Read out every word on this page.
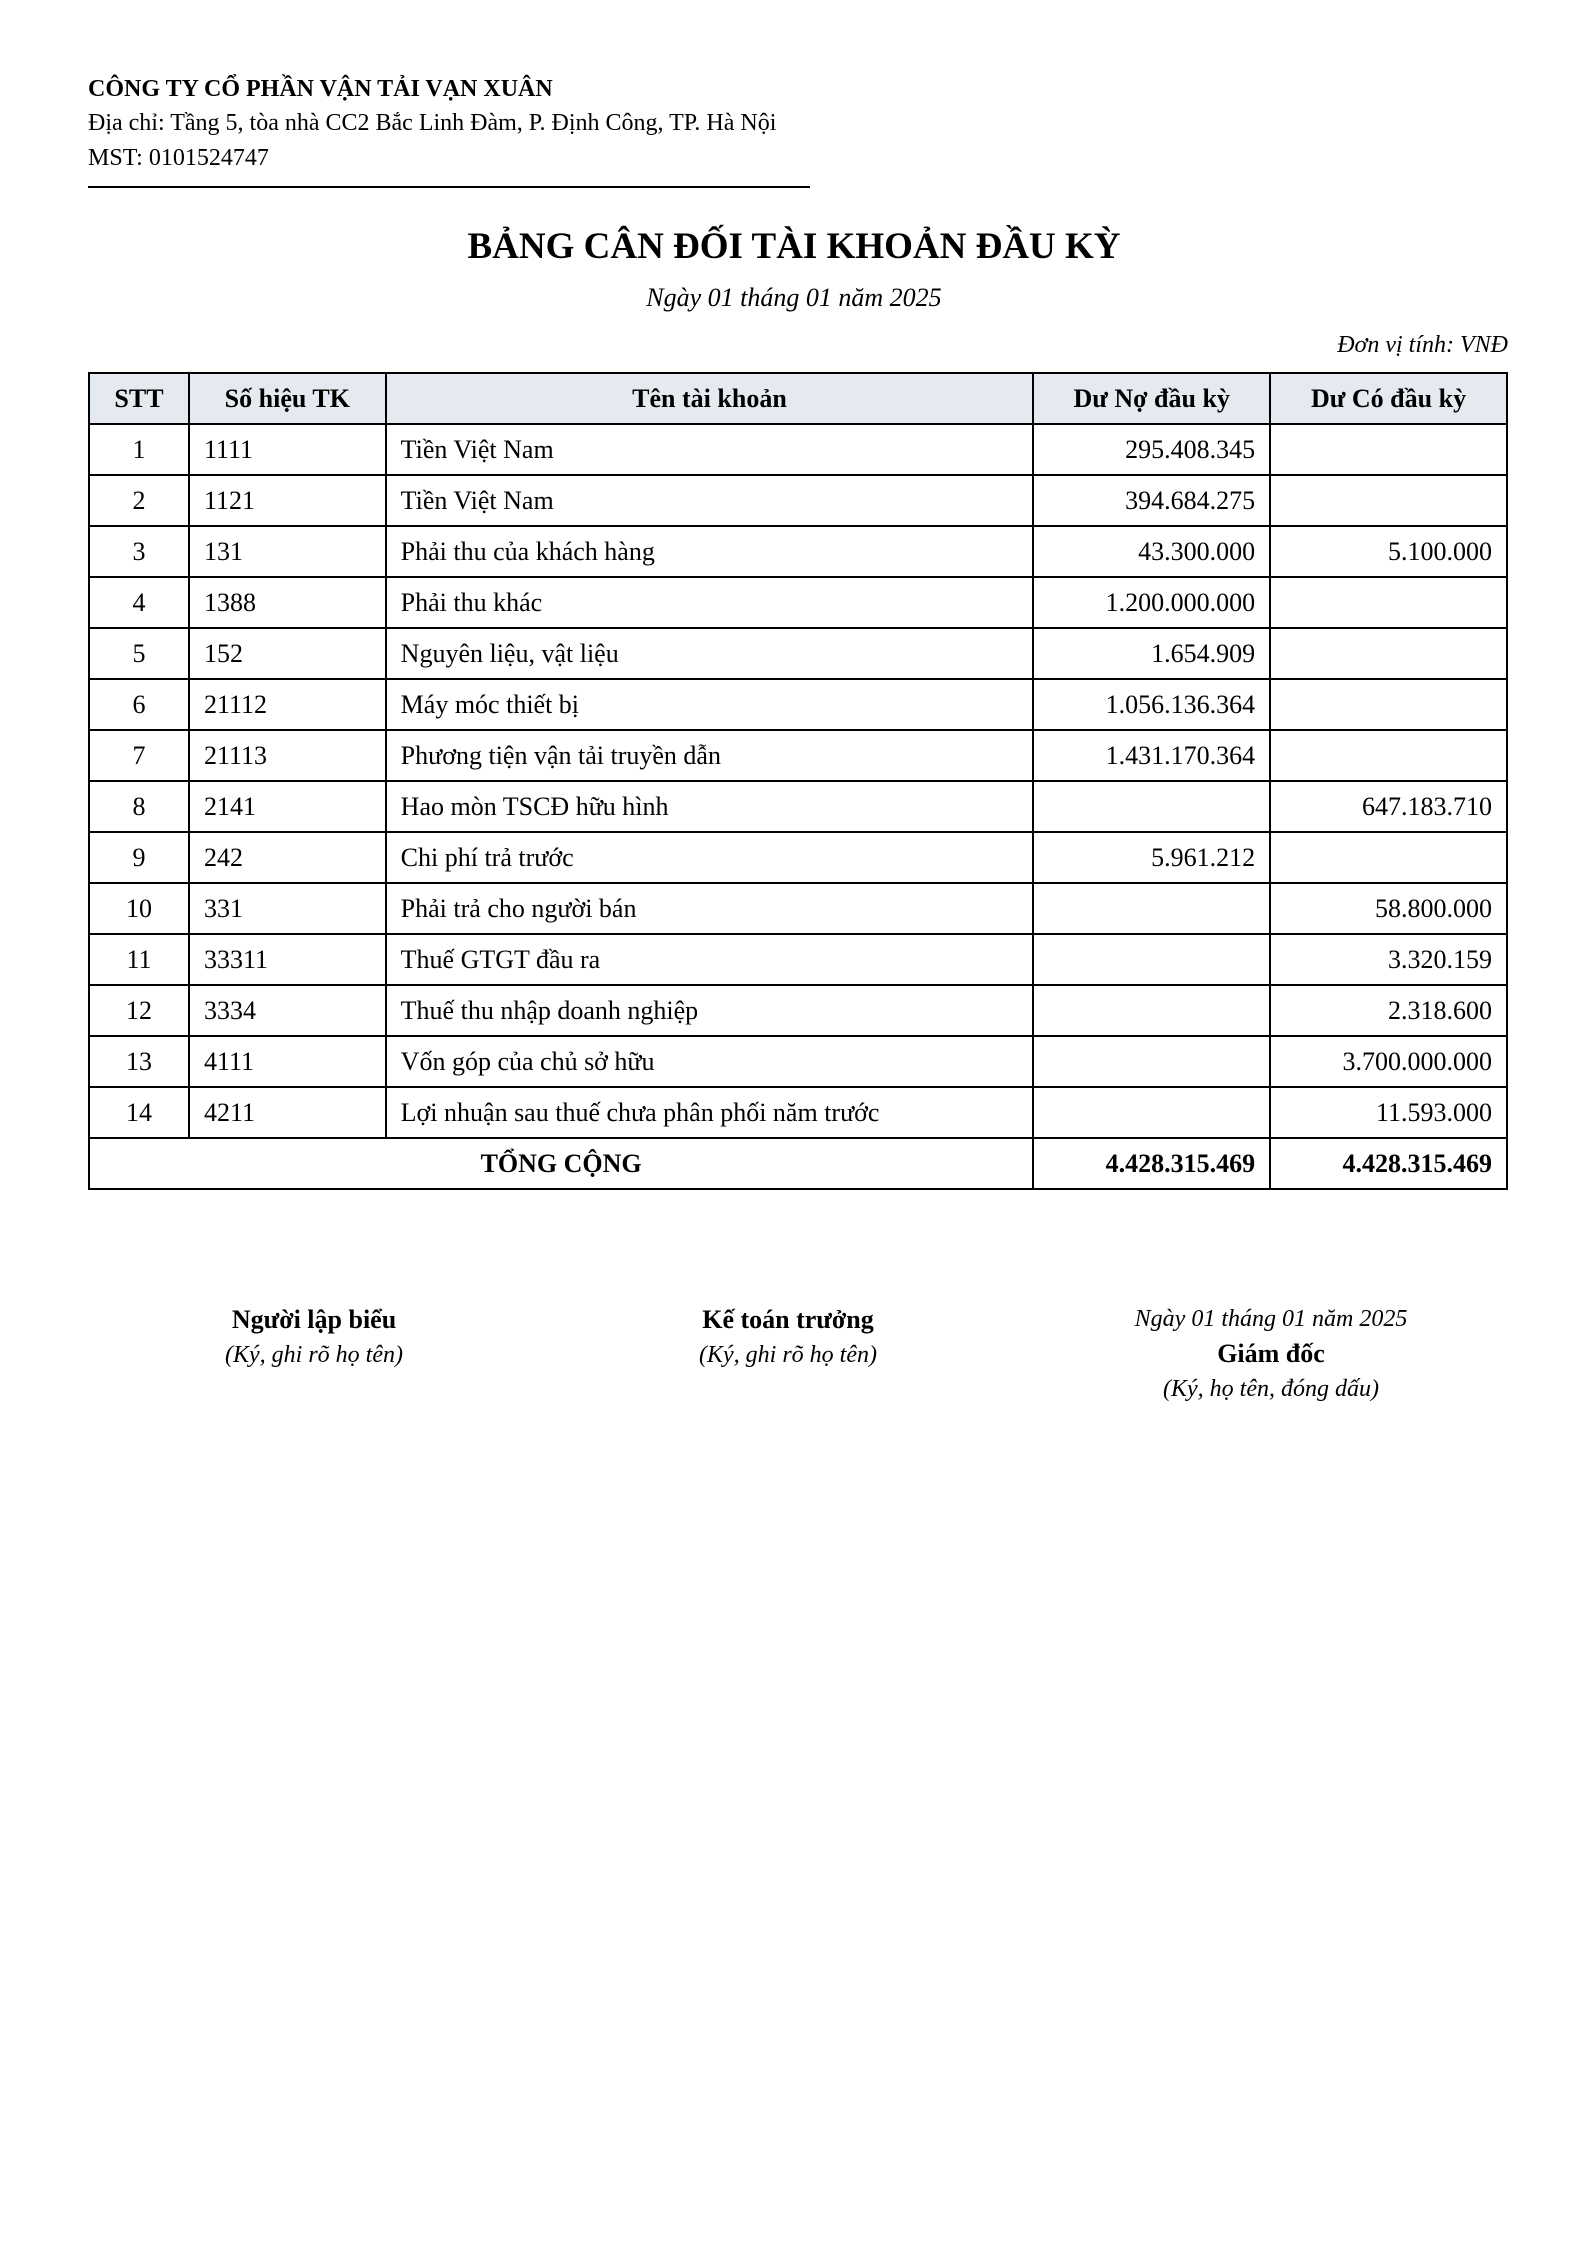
CÔNG TY CỔ PHẦN VẬN TẢI VẠN XUÂN
Địa chỉ: Tầng 5, tòa nhà CC2 Bắc Linh Đàm, P. Định Công, TP. Hà Nội
MST: 0101524747
BẢNG CÂN ĐỐI TÀI KHOẢN ĐẦU KỲ
Ngày 01 tháng 01 năm 2025
Đơn vị tính: VNĐ
STT	Số hiệu TK	Tên tài khoản	Dư Nợ đầu kỳ	Dư Có đầu kỳ
1	1111	Tiền Việt Nam	295.408.345	
2	1121	Tiền Việt Nam	394.684.275	
3	131	Phải thu của khách hàng	43.300.000	5.100.000
4	1388	Phải thu khác	1.200.000.000	
5	152	Nguyên liệu, vật liệu	1.654.909	
6	21112	Máy móc thiết bị	1.056.136.364	
7	21113	Phương tiện vận tải truyền dẫn	1.431.170.364	
8	2141	Hao mòn TSCĐ hữu hình		647.183.710
9	242	Chi phí trả trước	5.961.212	
10	331	Phải trả cho người bán		58.800.000
11	33311	Thuế GTGT đầu ra		3.320.159
12	3334	Thuế thu nhập doanh nghiệp		2.318.600
13	4111	Vốn góp của chủ sở hữu		3.700.000.000
14	4211	Lợi nhuận sau thuế chưa phân phối năm trước		11.593.000
TỔNG CỘNG			4.428.315.469	4.428.315.469
Người lập biểu
(Ký, ghi rõ họ tên)
Kế toán trưởng
(Ký, ghi rõ họ tên)
Ngày 01 tháng 01 năm 2025
Giám đốc
(Ký, họ tên, đóng dấu)
